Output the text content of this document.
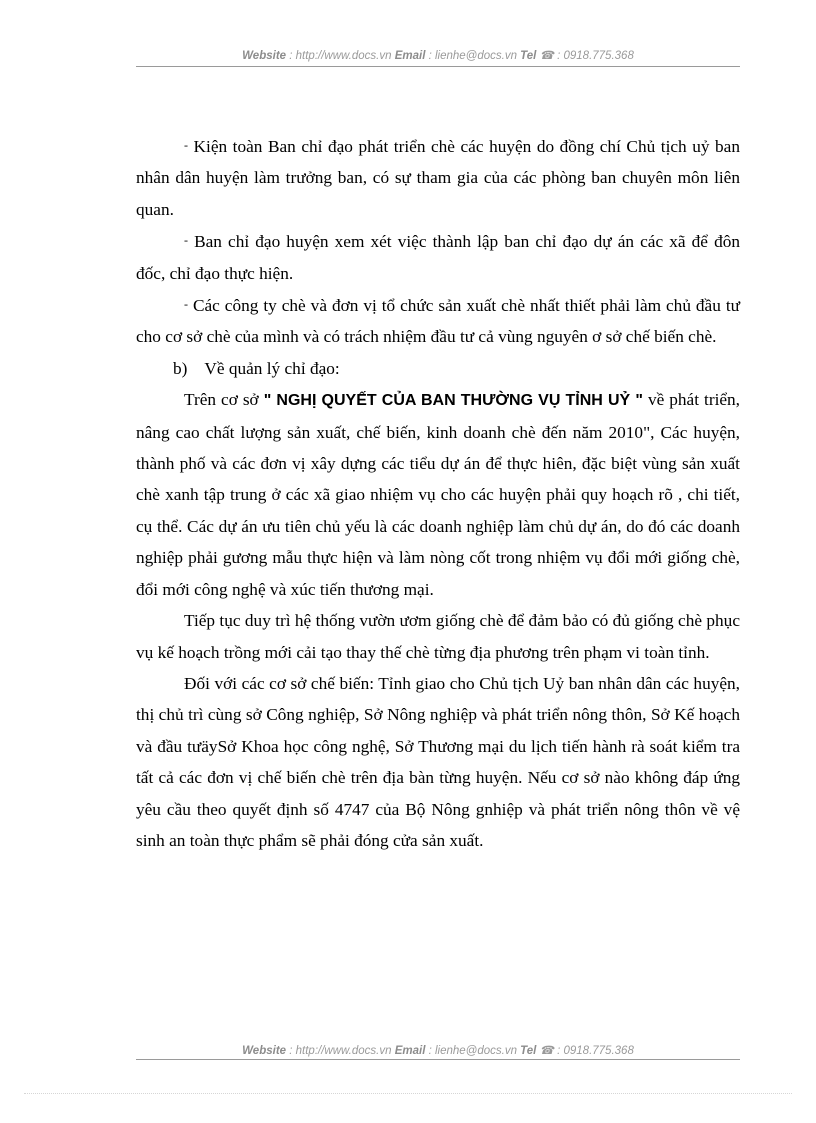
Website : http://www.docs.vn Email : lienhe@docs.vn Tel ☎ : 0918.775.368

- Kiện toàn Ban chỉ đạo phát triển chè các huyện do đồng chí Chủ tịch uỷ ban nhân dân huyện làm trưởng ban, có sự tham gia của các phòng ban chuyên môn liên quan.

- Ban chỉ đạo huyện xem xét việc thành lập ban chỉ đạo dự án các xã để đôn đốc, chỉ đạo thực hiện.

- Các công ty chè và đơn vị tổ chức sản xuất chè nhất thiết phải làm chủ đầu tư cho cơ sở chè của mình và có trách nhiệm đầu tư cả vùng nguyên ơ sở chế biến chè.

b)    Về quản lý chỉ đạo:

Trên cơ sở " NGHỊ QUYẾT CỦA BAN THƯỜNG VỤ TỈNH UỶ " về phát triển, nâng cao chất lượng sản xuất, chế biến, kinh doanh chè đến năm 2010", Các huyện, thành phố và các đơn vị xây dựng các tiểu dự án để thực hiên, đặc biệt vùng sản xuất chè xanh tập trung ở các xã giao nhiệm vụ cho các huyện phải quy hoạch rõ , chi tiết, cụ thể. Các dự án ưu tiên chủ yếu là các doanh nghiệp làm chủ dự án, do đó các doanh nghiệp phải gương mẫu thực hiện và làm nòng cốt trong nhiệm vụ đổi mới giống chè, đổi mới công nghệ và xúc tiến thương mại.

Tiếp tục duy trì hệ thống vườn ươm giống chè để đảm bảo có đủ giống chè phục vụ kế hoạch trồng mới cải tạo thay thế chè từng địa phương trên phạm vi toàn tỉnh.

Đối với các cơ sở chế biến: Tỉnh giao cho Chủ tịch Uỷ ban nhân dân các huyện, thị chủ trì cùng sở Công nghiệp, Sở Nông nghiệp và phát triển nông thôn, Sở Kế hoạch và đầu tưäySở Khoa học công nghệ, Sở Thương mại du lịch tiến hành rà soát kiểm tra tất cả các đơn vị chế biến chè trên địa bàn từng huyện. Nếu cơ sở nào không đáp ứng yêu cầu theo quyết định số 4747 của Bộ Nông gnhiệp và phát triển nông thôn về vệ sinh an toàn thực phẩm sẽ phải đóng cửa sản xuất.

Website : http://www.docs.vn Email : lienhe@docs.vn Tel ☎ : 0918.775.368
